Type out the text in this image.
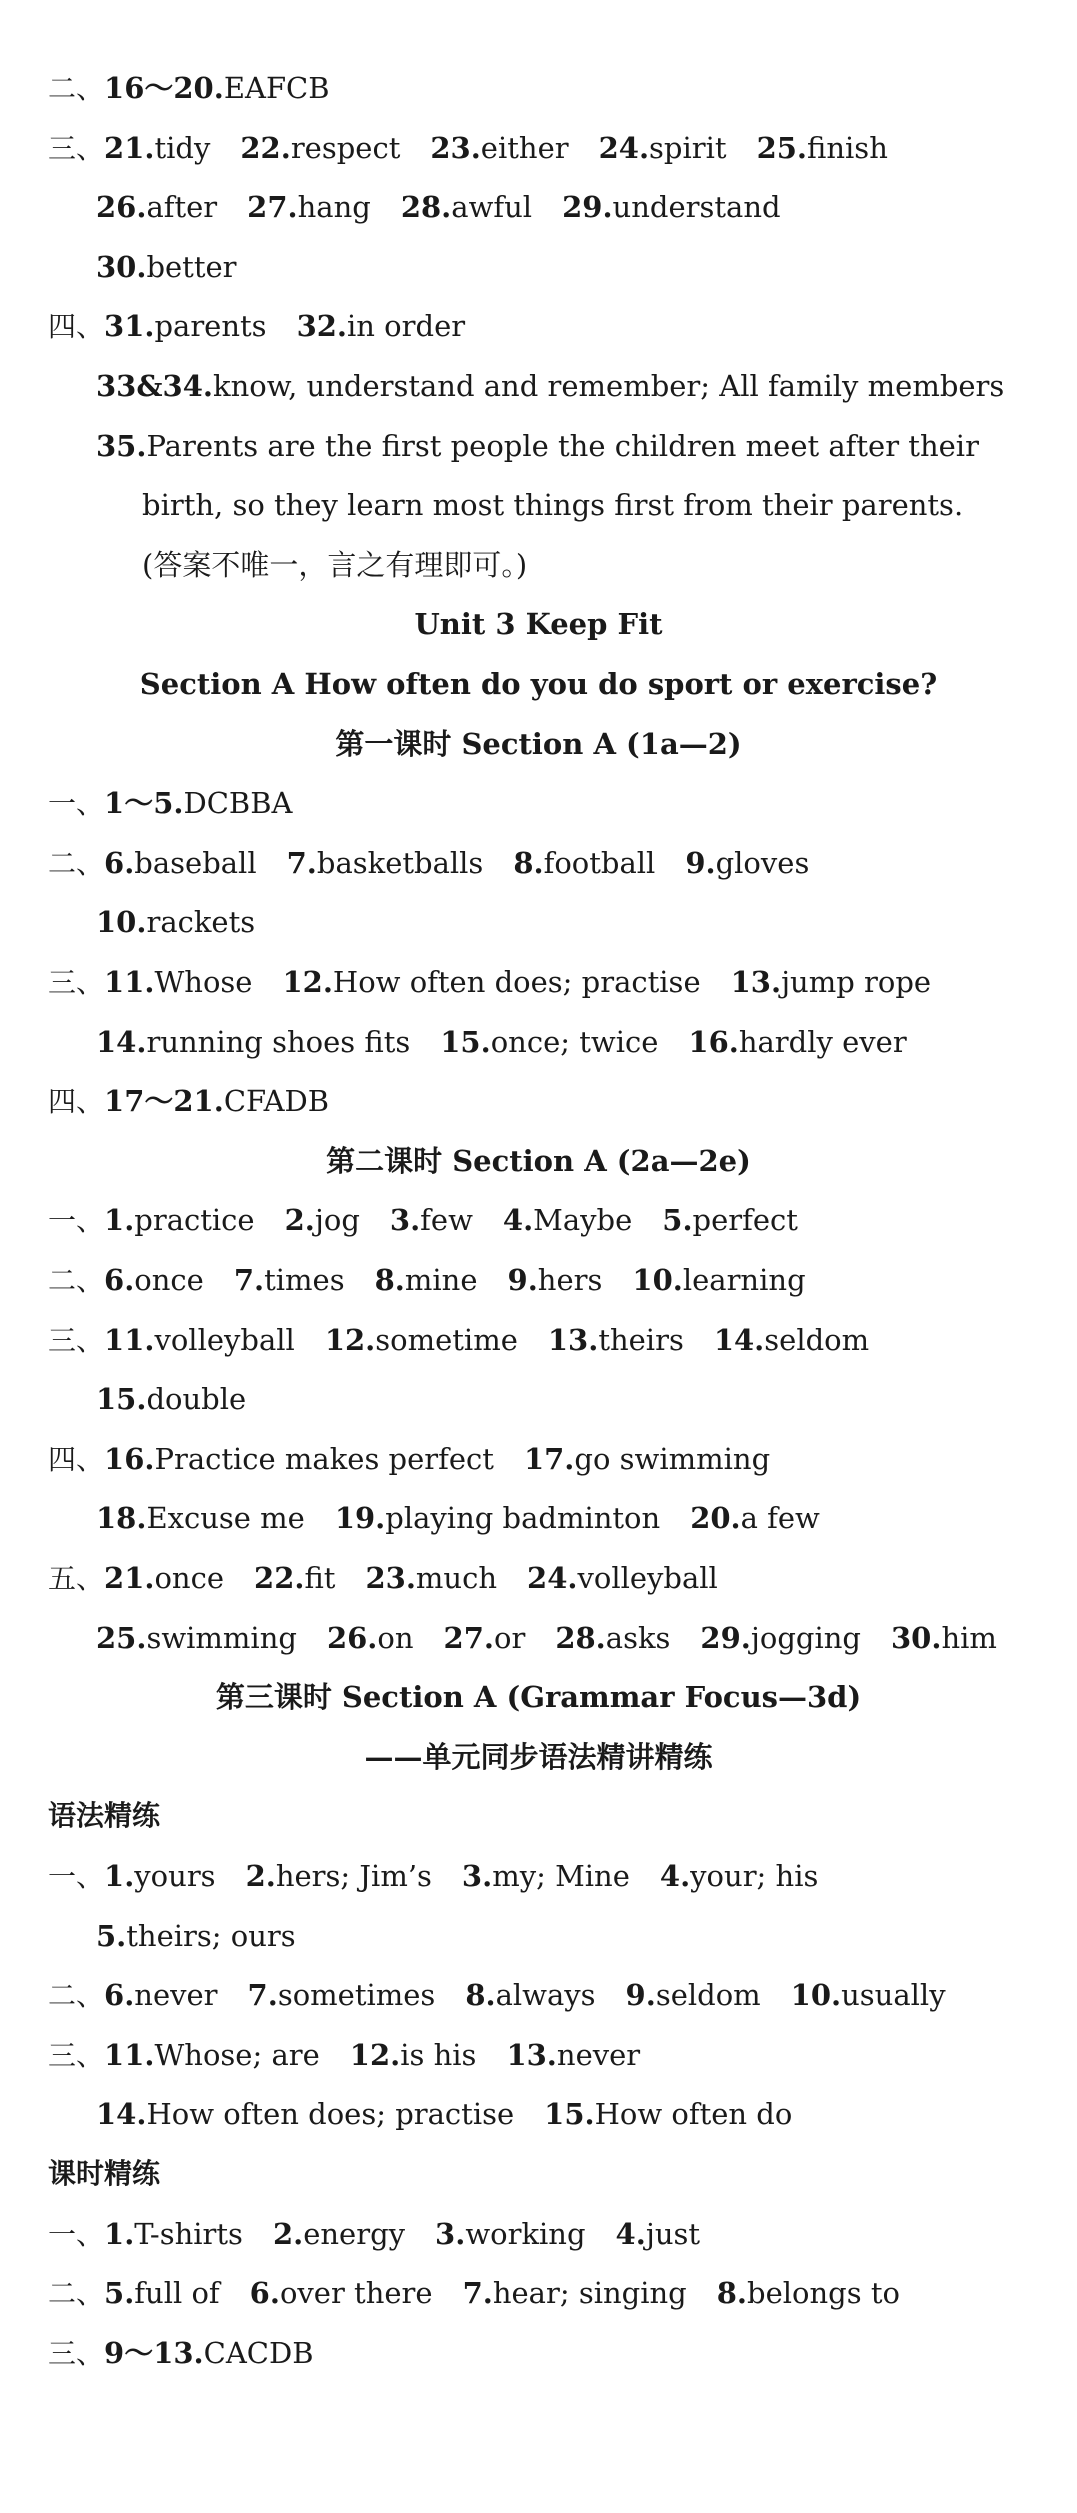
二、16～20.EAFCB
三、21.tidy 22.respect 23.either 24.spirit 25.finish
26.after 27.hang 28.awful 29.understand
30.better
四、31.parents 32.in order
33&34.know, understand and remember; All family members
35.Parents are the first people the children meet after their
birth, so they learn most things first from their parents.
(答案不唯一，言之有理即可。)
Unit 3 Keep Fit
Section A How often do you do sport or exercise?
第一课时 Section A (1a—2)
一、1～5.DCBBA
二、6.baseball 7.basketballs 8.football 9.gloves
10.rackets
三、11.Whose 12.How often does; practise 13.jump rope
14.running shoes fits 15.once; twice 16.hardly ever
四、17～21.CFADB
第二课时 Section A (2a—2e)
一、1.practice 2.jog 3.few 4.Maybe 5.perfect
二、6.once 7.times 8.mine 9.hers 10.learning
三、11.volleyball 12.sometime 13.theirs 14.seldom
15.double
四、16.Practice makes perfect 17.go swimming
18.Excuse me 19.playing badminton 20.a few
五、21.once 22.fit 23.much 24.volleyball
25.swimming 26.on 27.or 28.asks 29.jogging 30.him
第三课时 Section A (Grammar Focus—3d)
——单元同步语法精讲精练
语法精练
一、1.yours 2.hers; Jim’s 3.my; Mine 4.your; his
5.theirs; ours
二、6.never 7.sometimes 8.always 9.seldom 10.usually
三、11.Whose; are 12.is his 13.never
14.How often does; practise 15.How often do
课时精练
一、1.T-shirts 2.energy 3.working 4.just
二、5.full of 6.over there 7.hear; singing 8.belongs to
三、9～13.CACDB
